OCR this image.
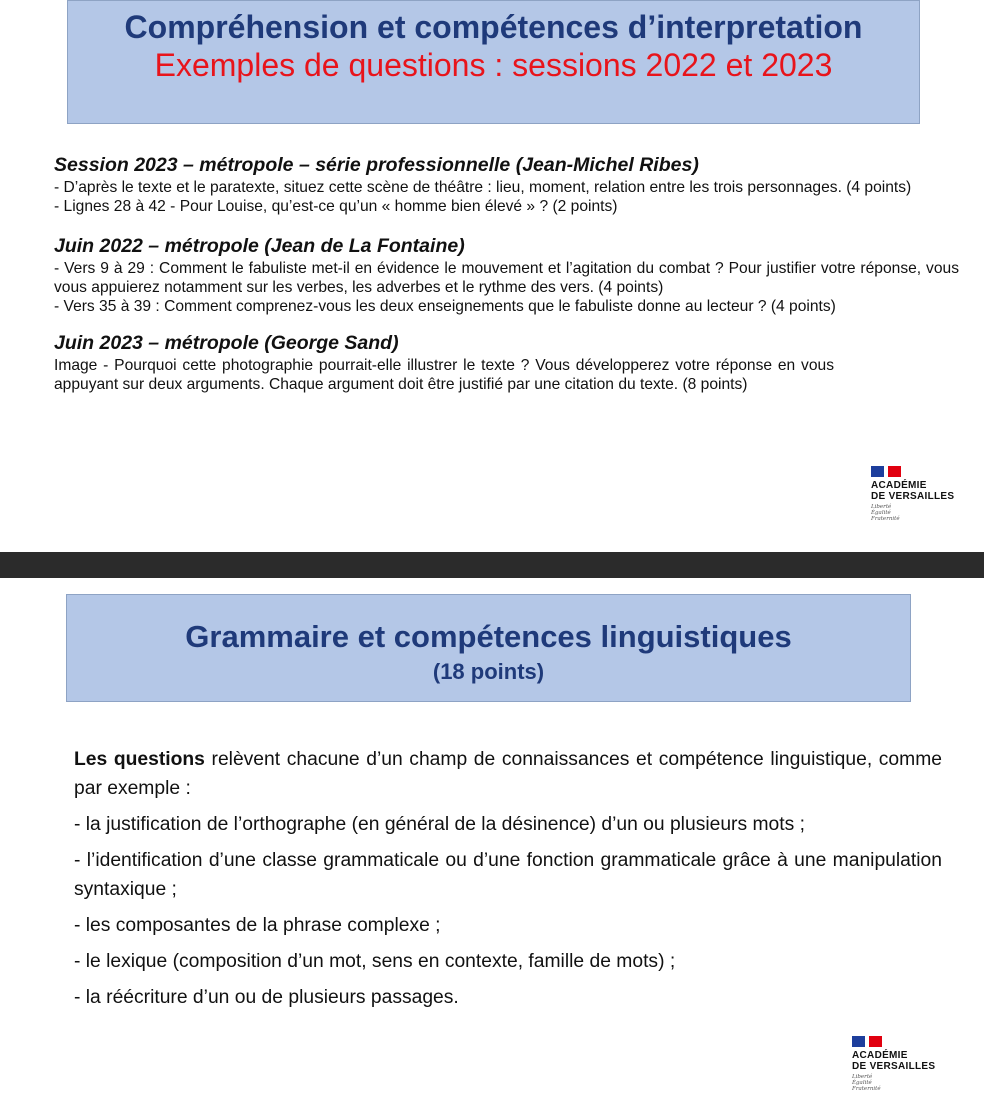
Compréhension et compétences d’interpretation
Exemples de questions : sessions 2022 et 2023
Session 2023 – métropole – série professionnelle (Jean-Michel Ribes)
- D’après le texte et le paratexte, situez cette scène de théâtre : lieu, moment, relation entre les trois personnages. (4 points)
- Lignes 28 à 42 - Pour Louise, qu’est-ce qu’un « homme bien élevé » ? (2 points)
Juin 2022 – métropole (Jean de La Fontaine)
- Vers 9 à 29 : Comment le fabuliste met-il en évidence le mouvement et l’agitation du combat ? Pour justifier votre réponse, vous vous appuierez notamment sur les verbes, les adverbes et le rythme des vers. (4 points)
- Vers 35 à 39 : Comment comprenez-vous les deux enseignements que le fabuliste donne au lecteur ? (4 points)
Juin 2023 – métropole (George Sand)
Image - Pourquoi cette photographie pourrait-elle illustrer le texte ? Vous développerez votre réponse en vous appuyant sur deux arguments. Chaque argument doit être justifié par une citation du texte. (8 points)
ACADÉMIE
DE VERSAILLES
Liberté
Égalité
Fraternité
Grammaire et compétences linguistiques
(18 points)
Les questions relèvent chacune d’un champ de connaissances et compétence linguistique, comme par exemple :
- la justification de l’orthographe (en général de la désinence) d’un ou plusieurs mots ;
- l’identification d’une classe grammaticale ou d’une fonction grammaticale grâce à une manipulation syntaxique ;
- les composantes de la phrase complexe ;
- le lexique (composition d’un mot, sens en contexte, famille de mots) ;
- la réécriture d’un ou de plusieurs passages.
ACADÉMIE
DE VERSAILLES
Liberté
Égalité
Fraternité
